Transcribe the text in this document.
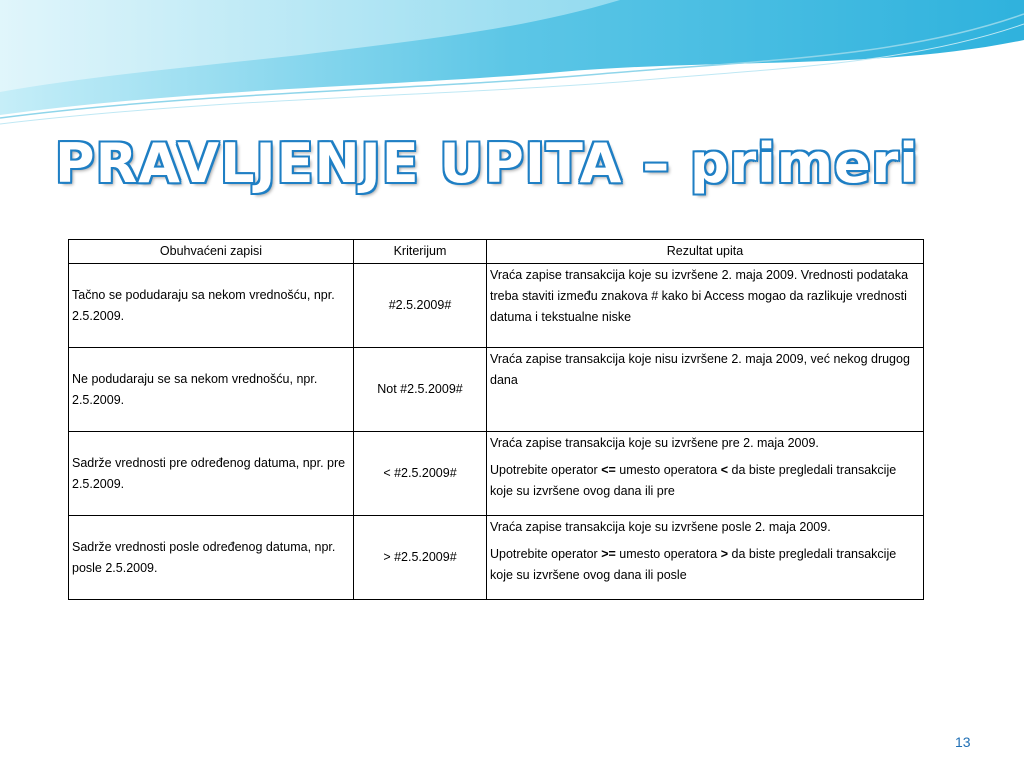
PRAVLJENJE UPITA – primeri
Obuhvaćeni zapisi	Kriterijum	Rezultat upita
Tačno se podudaraju sa nekom vrednošću, npr. 2.5.2009.	#2.5.2009#	Vraća zapise transakcija koje su izvršene 2. maja 2009. Vrednosti podataka treba staviti između znakova # kako bi Access mogao da razlikuje vrednosti datuma i tekstualne niske
Ne podudaraju se sa nekom vrednošću, npr. 2.5.2009.	Not #2.5.2009#	Vraća zapise transakcija koje nisu izvršene 2. maja 2009, već nekog drugog dana
Sadrže vrednosti pre određenog datuma, npr. pre 2.5.2009.	< #2.5.2009#	Vraća zapise transakcija koje su izvršene pre 2. maja 2009.
Upotrebite operator <= umesto operatora < da biste pregledali transakcije koje su izvršene ovog dana ili pre

Sadrže vrednosti posle određenog datuma, npr. posle 2.5.2009.	> #2.5.2009#	Vraća zapise transakcija koje su izvršene posle 2. maja 2009.
Upotrebite operator >= umesto operatora > da biste pregledali transakcije koje su izvršene ovog dana ili posle
13
